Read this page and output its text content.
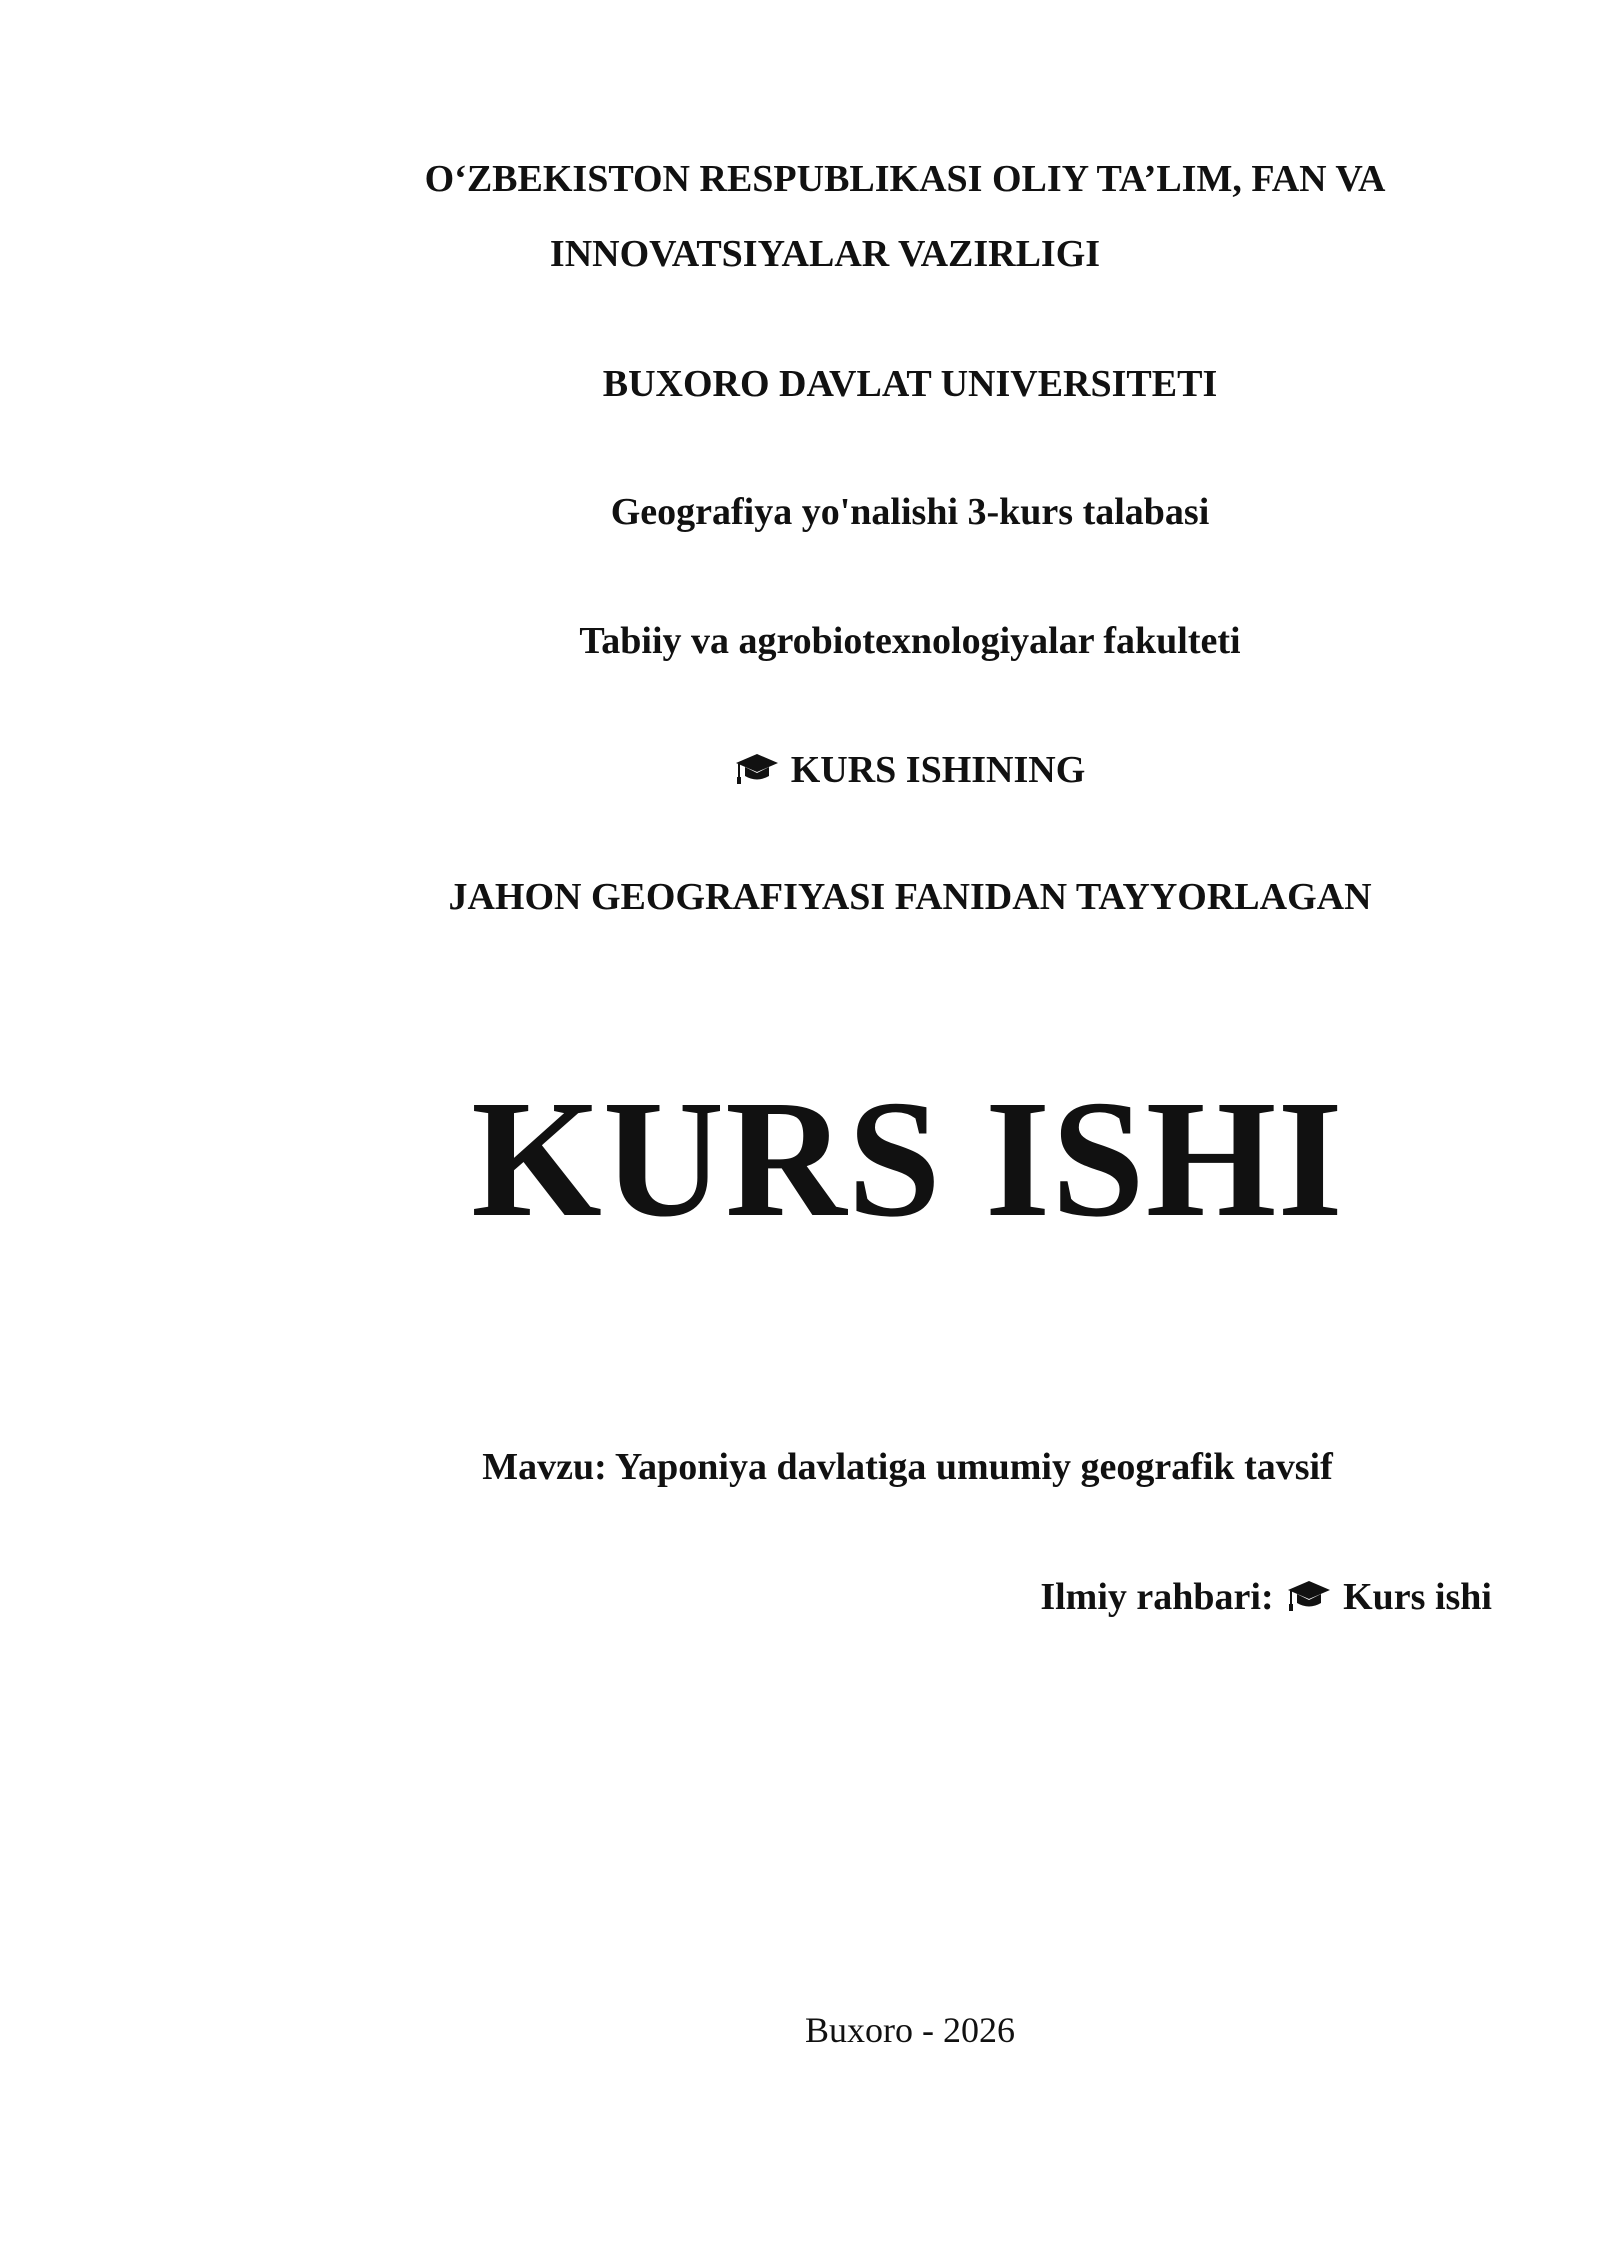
O‘ZBEKISTON RESPUBLIKASI OLIY TA’LIM, FAN VA
INNOVATSIYALAR VAZIRLIGI
BUXORO DAVLAT UNIVERSITETI
Geografiya yo'nalishi 3-kurs talabasi
Tabiiy va agrobiotexnologiyalar fakulteti
KURS ISHINING
JAHON GEOGRAFIYASI FANIDAN TAYYORLAGAN
KURS ISHI
Mavzu: Yaponiya davlatiga umumiy geografik tavsif
Ilmiy rahbari: Kurs ishi
Buxoro - 2026
